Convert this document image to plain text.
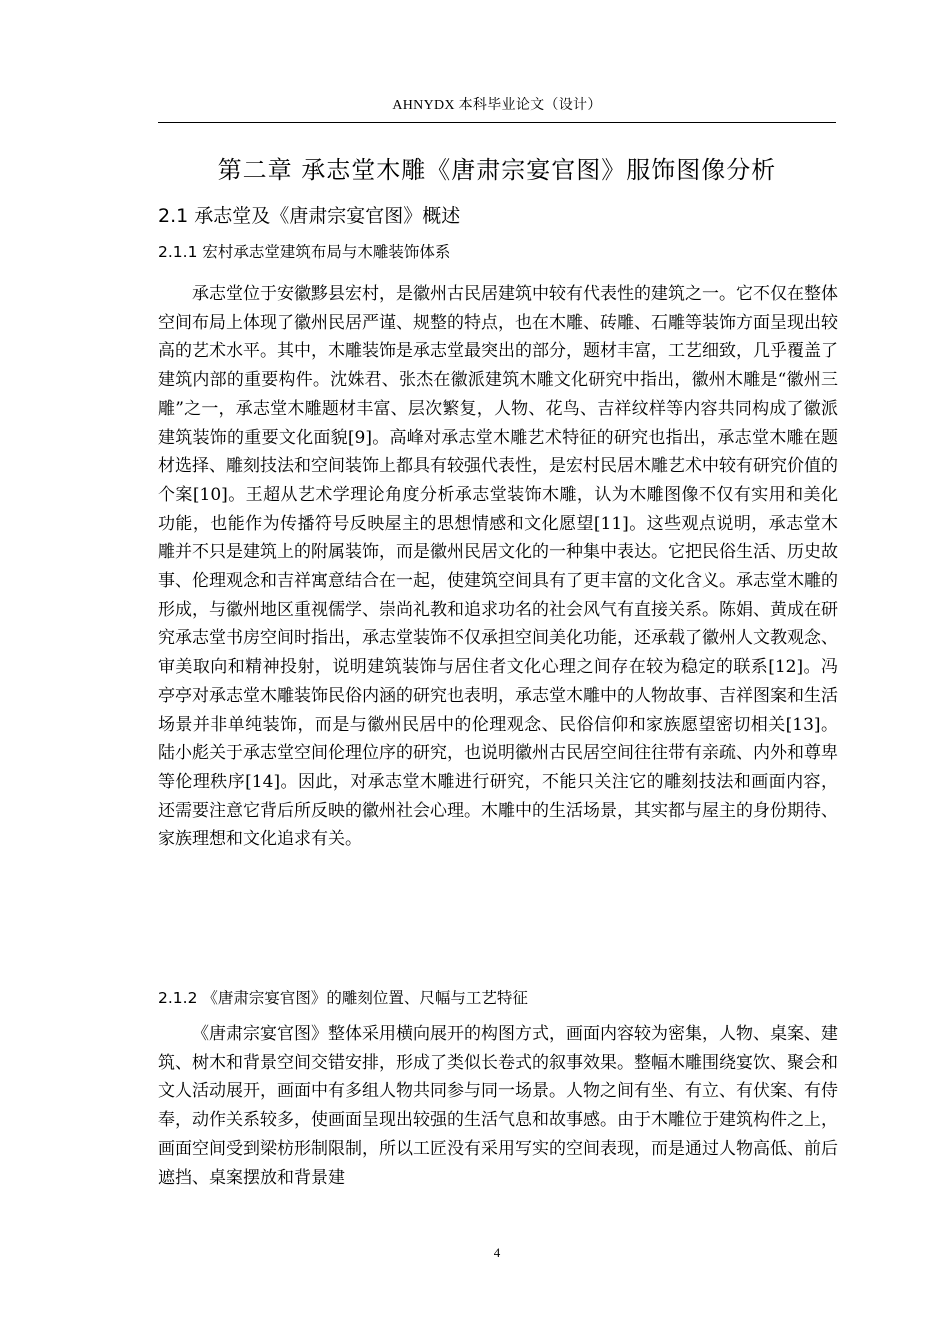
AHNYDX 本科毕业论文（设计）
第二章 承志堂木雕《唐肃宗宴官图》服饰图像分析
2.1 承志堂及《唐肃宗宴官图》概述
2.1.1 宏村承志堂建筑布局与木雕装饰体系

承志堂位于安徽黟县宏村，是徽州古民居建筑中较有代表性的建筑之一。它不仅在整体空间布局上体现了徽州民居严谨、规整的特点，也在木雕、砖雕、石雕等装饰方面呈现出较高的艺术水平。其中，木雕装饰是承志堂最突出的部分，题材丰富，工艺细致，几乎覆盖了建筑内部的重要构件。沈姝君、张杰在徽派建筑木雕文化研究中指出，徽州木雕是“徽州三雕”之一，承志堂木雕题材丰富、层次繁复，人物、花鸟、吉祥纹样等内容共同构成了徽派建筑装饰的重要文化面貌[9]。高峰对承志堂木雕艺术特征的研究也指出，承志堂木雕在题材选择、雕刻技法和空间装饰上都具有较强代表性，是宏村民居木雕艺术中较有研究价值的个案[10]。王超从艺术学理论角度分析承志堂装饰木雕，认为木雕图像不仅有实用和美化功能，也能作为传播符号反映屋主的思想情感和文化愿望[11]。这些观点说明，承志堂木雕并不只是建筑上的附属装饰，而是徽州民居文化的一种集中表达。它把民俗生活、历史故事、伦理观念和吉祥寓意结合在一起，使建筑空间具有了更丰富的文化含义。承志堂木雕的形成，与徽州地区重视儒学、崇尚礼教和追求功名的社会风气有直接关系。陈娟、黄成在研究承志堂书房空间时指出，承志堂装饰不仅承担空间美化功能，还承载了徽州人文教观念、审美取向和精神投射，说明建筑装饰与居住者文化心理之间存在较为稳定的联系[12]。冯亭亭对承志堂木雕装饰民俗内涵的研究也表明，承志堂木雕中的人物故事、吉祥图案和生活场景并非单纯装饰，而是与徽州民居中的伦理观念、民俗信仰和家族愿望密切相关[13]。陆小彪关于承志堂空间伦理位序的研究，也说明徽州古民居空间往往带有亲疏、内外和尊卑等伦理秩序[14]。因此，对承志堂木雕进行研究，不能只关注它的雕刻技法和画面内容，还需要注意它背后所反映的徽州社会心理。木雕中的生活场景，其实都与屋主的身份期待、家族理想和文化追求有关。

2.1.2 《唐肃宗宴官图》的雕刻位置、尺幅与工艺特征

《唐肃宗宴官图》整体采用横向展开的构图方式，画面内容较为密集，人物、桌案、建筑、树木和背景空间交错安排，形成了类似长卷式的叙事效果。整幅木雕围绕宴饮、聚会和文人活动展开，画面中有多组人物共同参与同一场景。人物之间有坐、有立、有伏案、有侍奉，动作关系较多，使画面呈现出较强的生活气息和故事感。由于木雕位于建筑构件之上，画面空间受到梁枋形制限制，所以工匠没有采用写实的空间表现，而是通过人物高低、前后遮挡、桌案摆放和背景建

4
